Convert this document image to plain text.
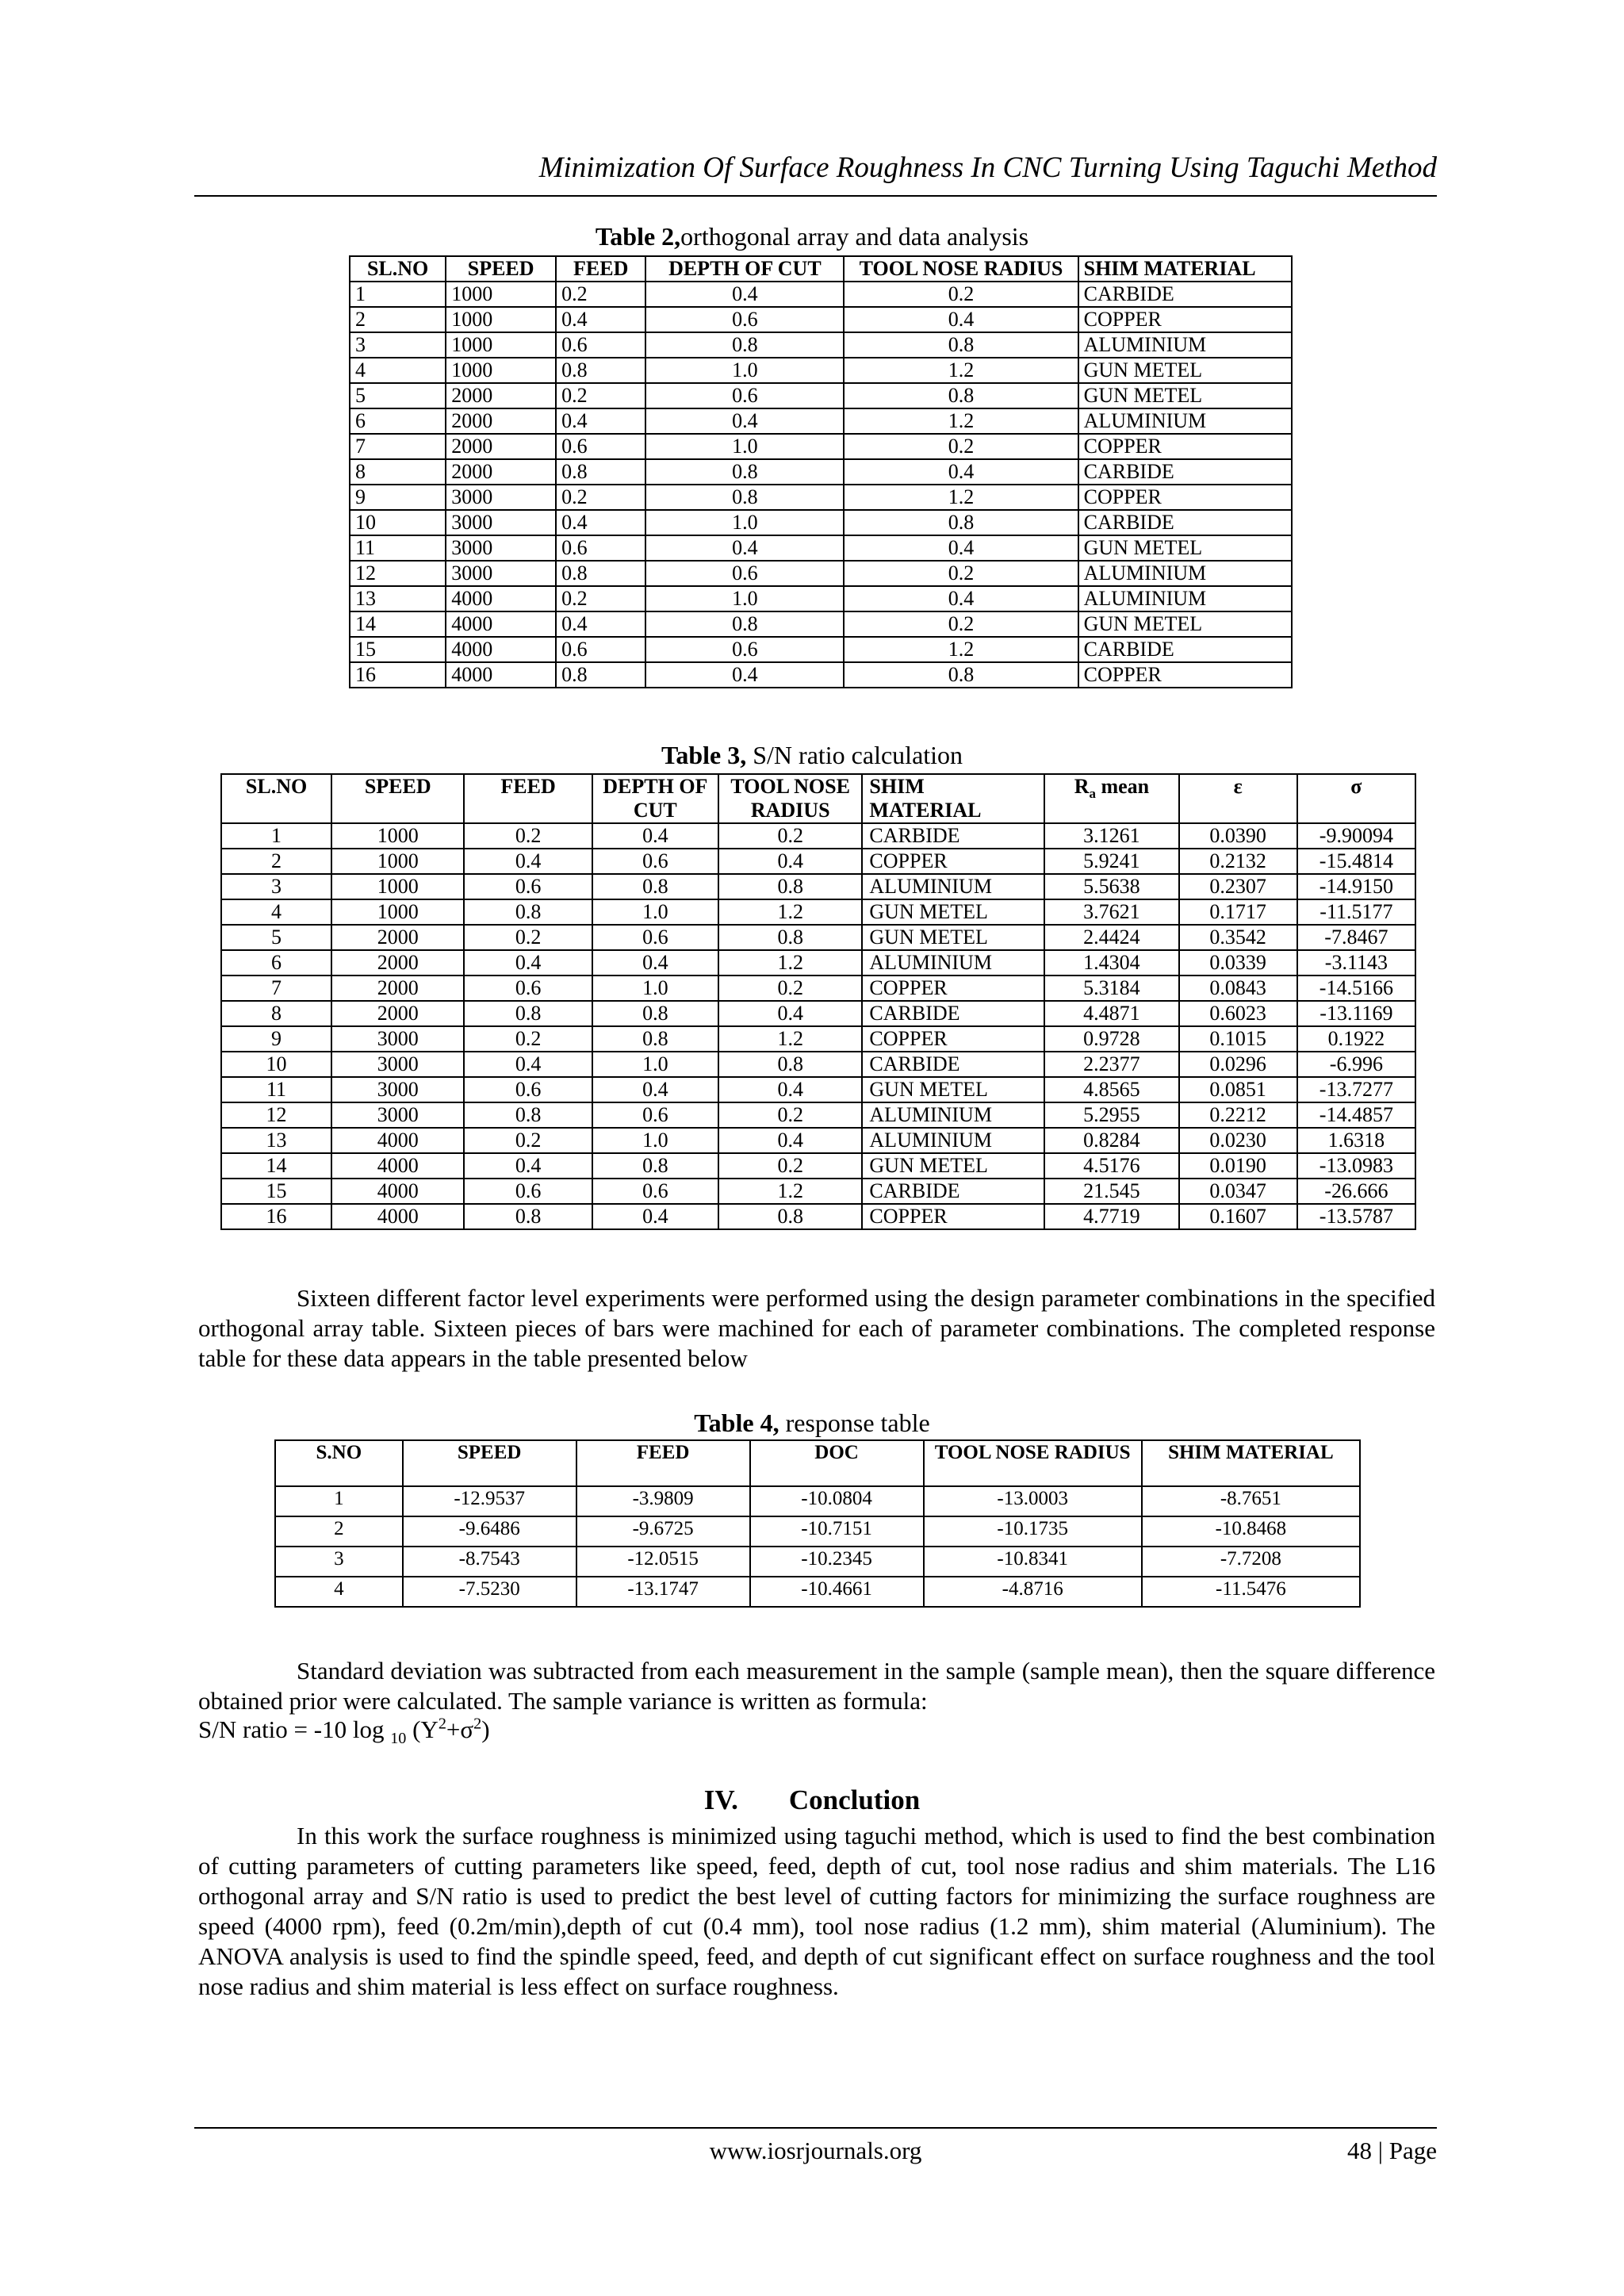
Minimization Of Surface Roughness In CNC Turning Using Taguchi Method
Table 2,orthogonal array and data analysis
SL.NO	SPEED	FEED	DEPTH OF CUT	TOOL NOSE RADIUS	SHIM MATERIAL
1	1000	0.2	0.4	0.2	CARBIDE
2	1000	0.4	0.6	0.4	COPPER
3	1000	0.6	0.8	0.8	ALUMINIUM
4	1000	0.8	1.0	1.2	GUN METEL
5	2000	0.2	0.6	0.8	GUN METEL
6	2000	0.4	0.4	1.2	ALUMINIUM
7	2000	0.6	1.0	0.2	COPPER
8	2000	0.8	0.8	0.4	CARBIDE
9	3000	0.2	0.8	1.2	COPPER
10	3000	0.4	1.0	0.8	CARBIDE
11	3000	0.6	0.4	0.4	GUN METEL
12	3000	0.8	0.6	0.2	ALUMINIUM
13	4000	0.2	1.0	0.4	ALUMINIUM
14	4000	0.4	0.8	0.2	GUN METEL
15	4000	0.6	0.6	1.2	CARBIDE
16	4000	0.8	0.4	0.8	COPPER
Table 3, S/N ratio calculation
SL.NO	SPEED	FEED	DEPTH OF CUT	TOOL NOSE RADIUS	SHIM MATERIAL	$R_a$ mean	ε	σ
1	1000	0.2	0.4	0.2	CARBIDE	3.1261	0.0390	-9.90094
2	1000	0.4	0.6	0.4	COPPER	5.9241	0.2132	-15.4814
3	1000	0.6	0.8	0.8	ALUMINIUM	5.5638	0.2307	-14.9150
4	1000	0.8	1.0	1.2	GUN METEL	3.7621	0.1717	-11.5177
5	2000	0.2	0.6	0.8	GUN METEL	2.4424	0.3542	-7.8467
6	2000	0.4	0.4	1.2	ALUMINIUM	1.4304	0.0339	-3.1143
7	2000	0.6	1.0	0.2	COPPER	5.3184	0.0843	-14.5166
8	2000	0.8	0.8	0.4	CARBIDE	4.4871	0.6023	-13.1169
9	3000	0.2	0.8	1.2	COPPER	0.9728	0.1015	0.1922
10	3000	0.4	1.0	0.8	CARBIDE	2.2377	0.0296	-6.996
11	3000	0.6	0.4	0.4	GUN METEL	4.8565	0.0851	-13.7277
12	3000	0.8	0.6	0.2	ALUMINIUM	5.2955	0.2212	-14.4857
13	4000	0.2	1.0	0.4	ALUMINIUM	0.8284	0.0230	1.6318
14	4000	0.4	0.8	0.2	GUN METEL	4.5176	0.0190	-13.0983
15	4000	0.6	0.6	1.2	CARBIDE	21.545	0.0347	-26.666
16	4000	0.8	0.4	0.8	COPPER	4.7719	0.1607	-13.5787
Sixteen different factor level experiments were performed using the design parameter combinations in the specified orthogonal array table. Sixteen pieces of bars were machined for each of parameter combinations. The completed response table for these data appears in the table presented below
Table 4, response table
S.NO	SPEED	FEED	DOC	TOOL NOSE RADIUS	SHIM MATERIAL
1	-12.9537	-3.9809	-10.0804	-13.0003	-8.7651
2	-9.6486	-9.6725	-10.7151	-10.1735	-10.8468
3	-8.7543	-12.0515	-10.2345	-10.8341	-7.7208
4	-7.5230	-13.1747	-10.4661	-4.8716	-11.5476
Standard deviation was subtracted from each measurement in the sample (sample mean), then the square difference obtained prior were calculated. The sample variance is written as formula:
S/N ratio = -10 log $_{10}$ $(Y^2+\sigma^2)$
IV. Conclution
In this work the surface roughness is minimized using taguchi method, which is used to find the best combination of cutting parameters of cutting parameters like speed, feed, depth of cut, tool nose radius and shim materials. The L16 orthogonal array and S/N ratio is used to predict the best level of cutting factors for minimizing the surface roughness are speed (4000 rpm), feed (0.2m/min),depth of cut (0.4 mm), tool nose radius (1.2 mm), shim material (Aluminium). The ANOVA analysis is used to find the spindle speed, feed, and depth of cut significant effect on surface roughness and the tool nose radius and shim material is less effect on surface roughness.
www.iosrjournals.org	48 | Page
